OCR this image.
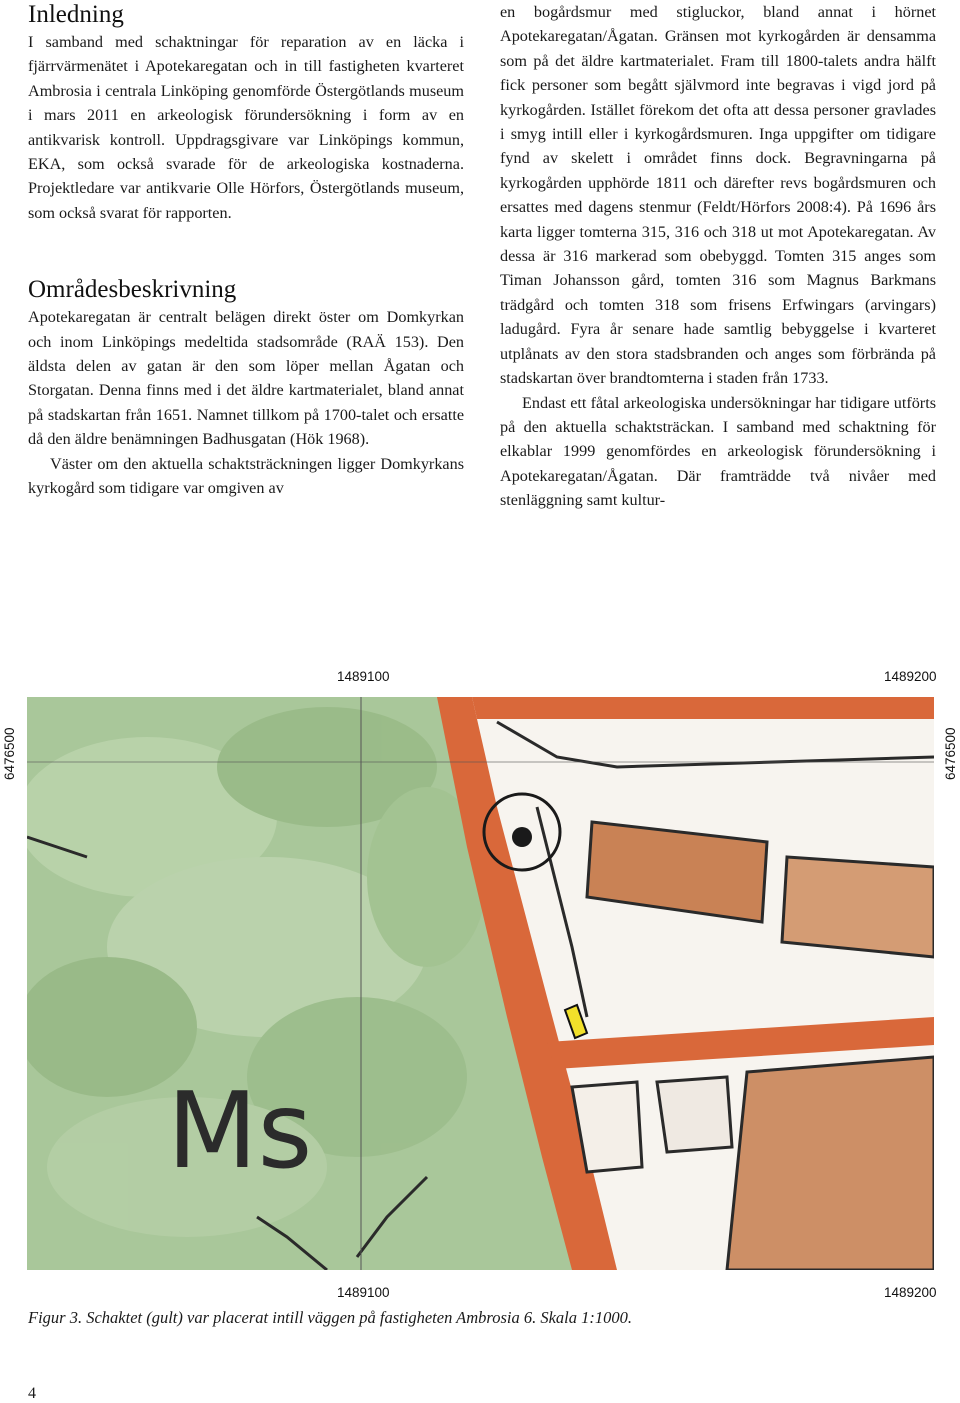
Inledning

I samband med schaktningar för reparation av en läcka i fjärrvärmenätet i Apotekaregatan och in till fastigheten kvarteret Ambrosia i centrala Linköping genomförde Östergötlands museum i mars 2011 en arkeologisk förundersökning i form av en antikvarisk kontroll. Uppdragsgivare var Linköpings kommun, EKA, som också svarade för de arkeologiska kostnaderna. Projektledare var antikvarie Olle Hörfors, Östergötlands museum, som också svarat för rapporten.

Områdesbeskrivning

Apotekaregatan är centralt belägen direkt öster om Domkyrkan och inom Linköpings medeltida stadsområde (RAÄ 153). Den äldsta delen av gatan är den som löper mellan Ågatan och Storgatan. Denna finns med i det äldre kartmaterialet, bland annat på stadskartan från 1651. Namnet tillkom på 1700-talet och ersatte då den äldre benämningen Badhusgatan (Hök 1968).

Väster om den aktuella schaktsträckningen ligger Domkyrkans kyrkogård som tidigare var omgiven av

en bogårdsmur med stigluckor, bland annat i hörnet Apotekaregatan/Ågatan. Gränsen mot kyrkogården är densamma som på det äldre kartmaterialet. Fram till 1800-talets andra hälft fick personer som begått självmord inte begravas i vigd jord på kyrkogården. Istället förekom det ofta att dessa personer gravlades i smyg intill eller i kyrkogårdsmuren. Inga uppgifter om tidigare fynd av skelett i området finns dock. Begravningarna på kyrkogården upphörde 1811 och därefter revs bogårdsmuren och ersattes med dagens stenmur (Feldt/Hörfors 2008:4). På 1696 års karta ligger tomterna 315, 316 och 318 ut mot Apotekaregatan. Av dessa är 316 markerad som obebyggd. Tomten 315 anges som Timan Johansson gård, tomten 316 som Magnus Barkmans trädgård och tomten 318 som frisens Erfwingars (arvingars) ladugård. Fyra år senare hade samtlig bebyggelse i kvarteret utplånats av den stora stadsbranden och anges som förbrända på stadskartan över brandtomterna i staden från 1733.

Endast ett fåtal arkeologiska undersökningar har tidigare utförts på den aktuella schaktsträckan. I samband med schaktning för elkablar 1999 genomfördes en arkeologisk förundersökning i Apotekaregatan/Ågatan. Där framträdde två nivåer med stenläggning samt kultur-

1489100	1489200
1489100	1489200
6476500	6476500
Ms
Figur 3. Schaktet (gult) var placerat intill väggen på fastigheten Ambrosia 6. Skala 1:1000.
4
